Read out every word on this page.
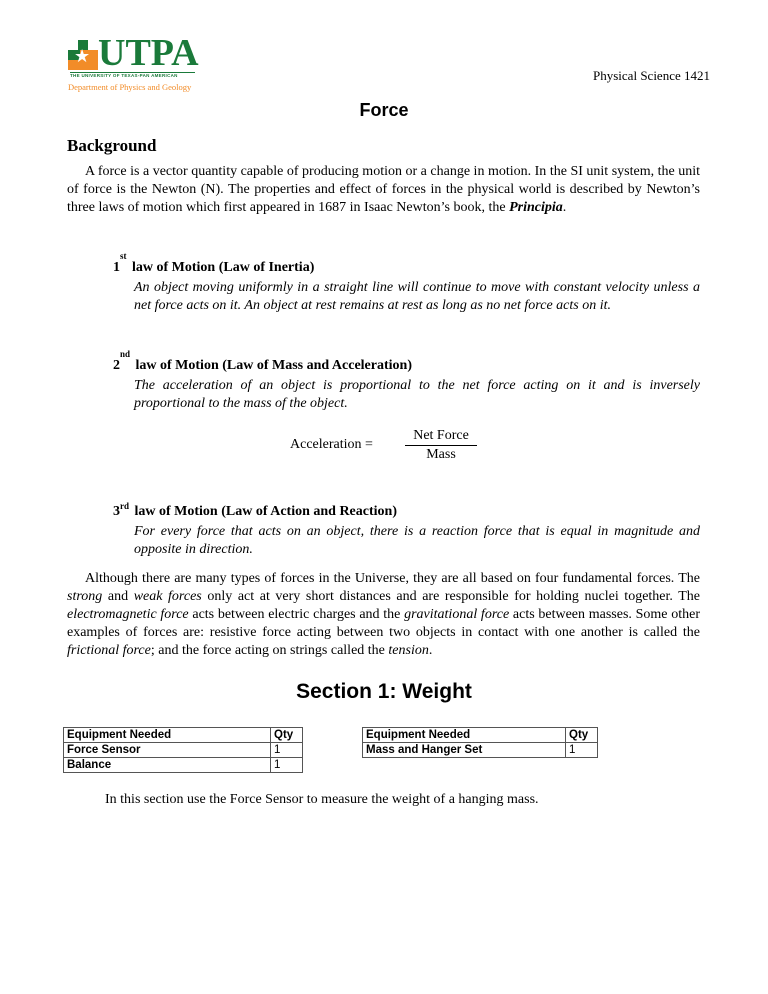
★ UTPA
THE UNIVERSITY OF TEXAS-PAN AMERICAN
Department of Physics and Geology
Physical Science 1421
Force
Background
A force is a vector quantity capable of producing motion or a change in motion. In the SI unit system, the unit of force is the Newton (N). The properties and effect of forces in the physical world is described by Newton’s three laws of motion which first appeared in 1687 in Isaac Newton’s book, the Principia.
1st law of Motion (Law of Inertia)
An object moving uniformly in a straight line will continue to move with constant velocity unless a net force acts on it. An object at rest remains at rest as long as no net force acts on it.
2nd law of Motion (Law of Mass and Acceleration)
The acceleration of an object is proportional to the net force acting on it and is inversely proportional to the mass of the object.
Acceleration =
Net Force
Mass
3rd law of Motion (Law of Action and Reaction)
For every force that acts on an object, there is a reaction force that is equal in magnitude and opposite in direction.
Although there are many types of forces in the Universe, they are all based on four fundamental forces. The strong and weak forces only act at very short distances and are responsible for holding nuclei together. The electromagnetic force acts between electric charges and the gravitational force acts between masses. Some other examples of forces are: resistive force acting between two objects in contact with one another is called the frictional force; and the force acting on strings called the tension.
Section 1: Weight
Equipment Needed	Qty
Force Sensor	1
Balance	1
Equipment Needed	Qty
Mass and Hanger Set	1
In this section use the Force Sensor to measure the weight of a hanging mass.
